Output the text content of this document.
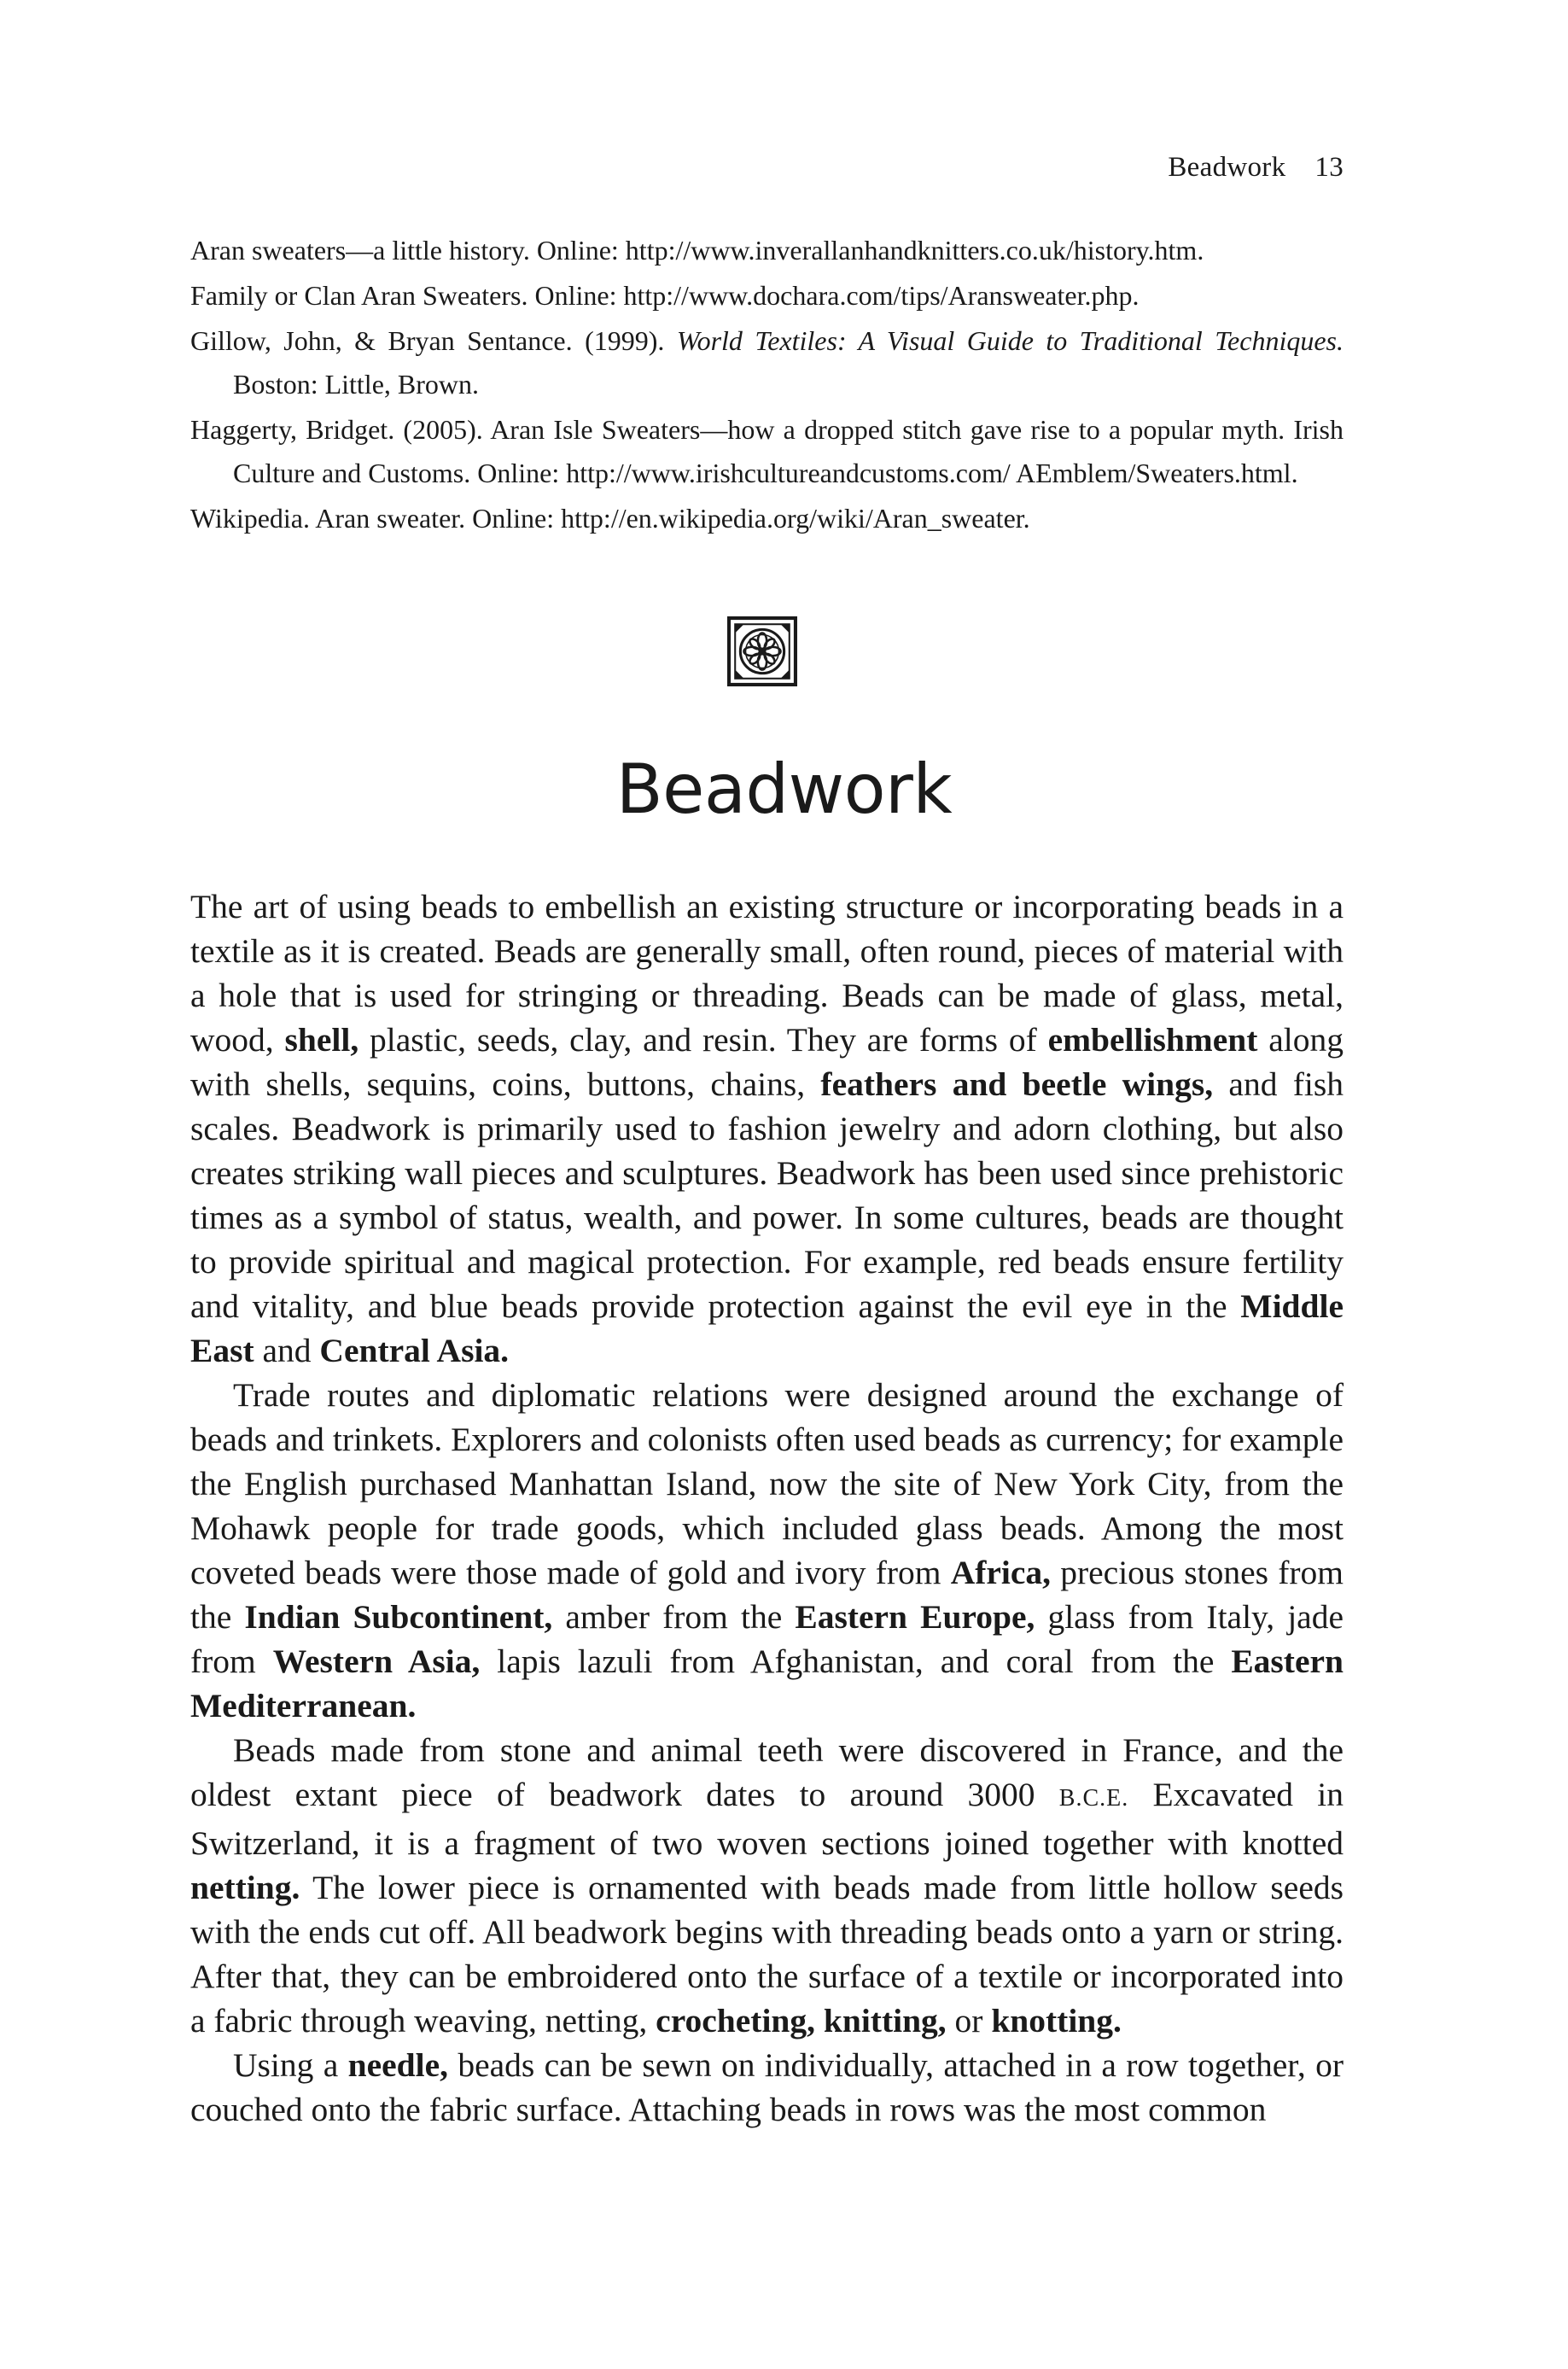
Beadwork 13

Aran sweaters—a little history. Online: http://www.inverallanhandknitters.co.uk/history.htm.

Family or Clan Aran Sweaters. Online: http://www.dochara.com/tips/Aransweater.php.

Gillow, John, & Bryan Sentance. (1999). World Textiles: A Visual Guide to Traditional Techniques. Boston: Little, Brown.

Haggerty, Bridget. (2005). Aran Isle Sweaters—how a dropped stitch gave rise to a popular myth. Irish Culture and Customs. Online: http://www.irishcultureandcustoms.com/ AEmblem/Sweaters.html.

Wikipedia. Aran sweater. Online: http://en.wikipedia.org/wiki/Aran_sweater.

Beadwork

The art of using beads to embellish an existing structure or incorporating beads in a textile as it is created. Beads are generally small, often round, pieces of material with a hole that is used for stringing or threading. Beads can be made of glass, metal, wood, shell, plastic, seeds, clay, and resin. They are forms of embellishment along with shells, sequins, coins, buttons, chains, feathers and beetle wings, and fish scales. Beadwork is primarily used to fashion jewelry and adorn clothing, but also creates striking wall pieces and sculptures. Beadwork has been used since prehistoric times as a symbol of status, wealth, and power. In some cultures, beads are thought to provide spiritual and magical protection. For example, red beads ensure fertility and vitality, and blue beads provide protection against the evil eye in the Middle East and Central Asia.

Trade routes and diplomatic relations were designed around the exchange of beads and trinkets. Explorers and colonists often used beads as currency; for example the English purchased Manhattan Island, now the site of New York City, from the Mohawk people for trade goods, which included glass beads. Among the most coveted beads were those made of gold and ivory from Africa, precious stones from the Indian Subcontinent, amber from the Eastern Europe, glass from Italy, jade from Western Asia, lapis lazuli from Afghanistan, and coral from the Eastern Mediterranean.

Beads made from stone and animal teeth were discovered in France, and the oldest extant piece of beadwork dates to around 3000 B.C.E. Excavated in Switzerland, it is a fragment of two woven sections joined together with knotted netting. The lower piece is ornamented with beads made from little hollow seeds with the ends cut off. All beadwork begins with threading beads onto a yarn or string. After that, they can be embroidered onto the surface of a textile or incorporated into a fabric through weaving, netting, crocheting, knitting, or knotting.

Using a needle, beads can be sewn on individually, attached in a row together, or couched onto the fabric surface. Attaching beads in rows was the most common
